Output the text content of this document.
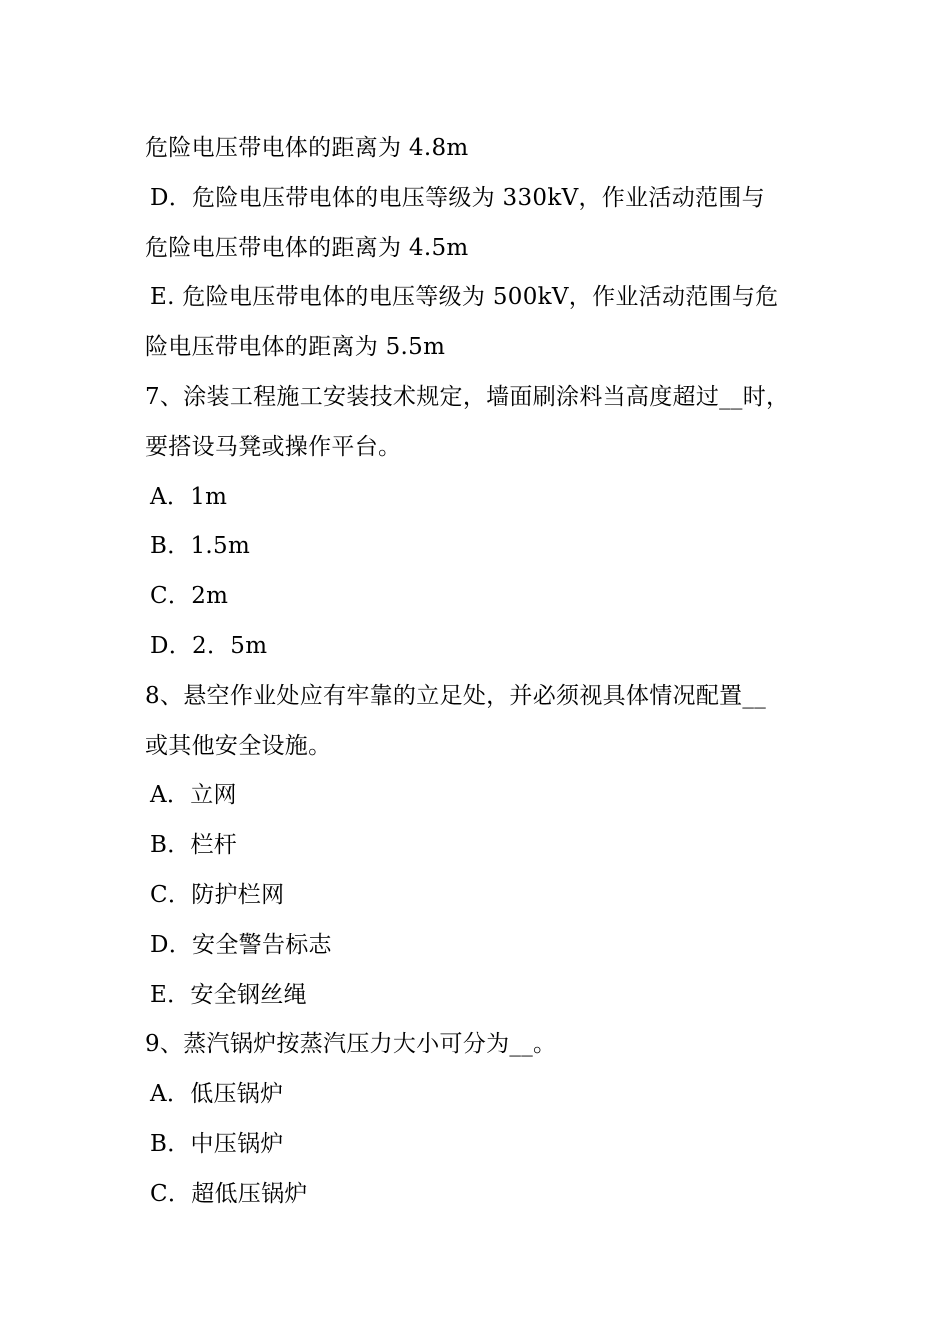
危险电压带电体的距离为 4.8m
D．危险电压带电体的电压等级为 330kV，作业活动范围与
危险电压带电体的距离为 4.5m
E. 危险电压带电体的电压等级为 500kV，作业活动范围与危
险电压带电体的距离为 5.5m
7、涂装工程施工安装技术规定，墙面刷涂料当高度超过__时，
要搭设马凳或操作平台。
A．1m
B．1.5m
C．2m
D．2．5m
8、悬空作业处应有牢靠的立足处，并必须视具体情况配置__
或其他安全设施。
A．立网
B．栏杆
C．防护栏网
D．安全警告标志
E．安全钢丝绳
9、蒸汽锅炉按蒸汽压力大小可分为__。
A．低压锅炉
B．中压锅炉
C．超低压锅炉
